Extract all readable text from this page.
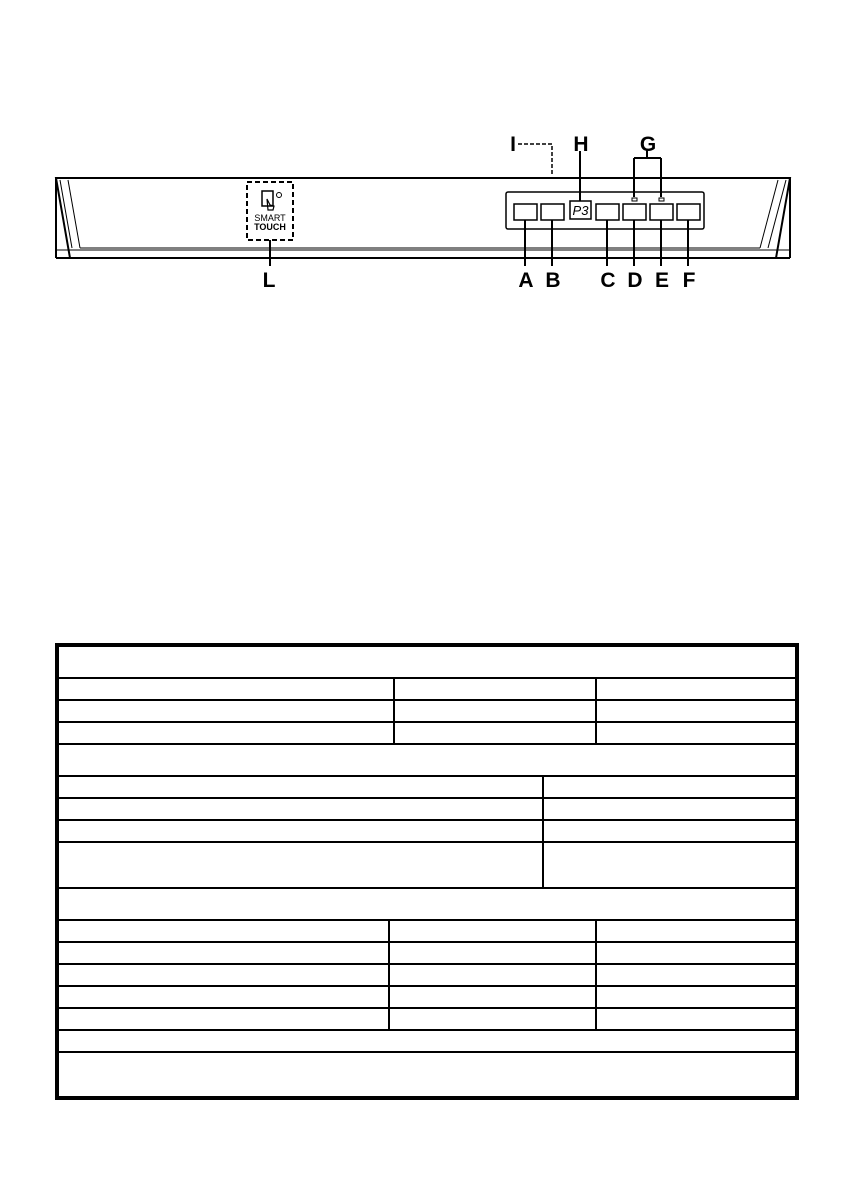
SMART
TOUCH
P3
I	H G
L	A B C D E F
